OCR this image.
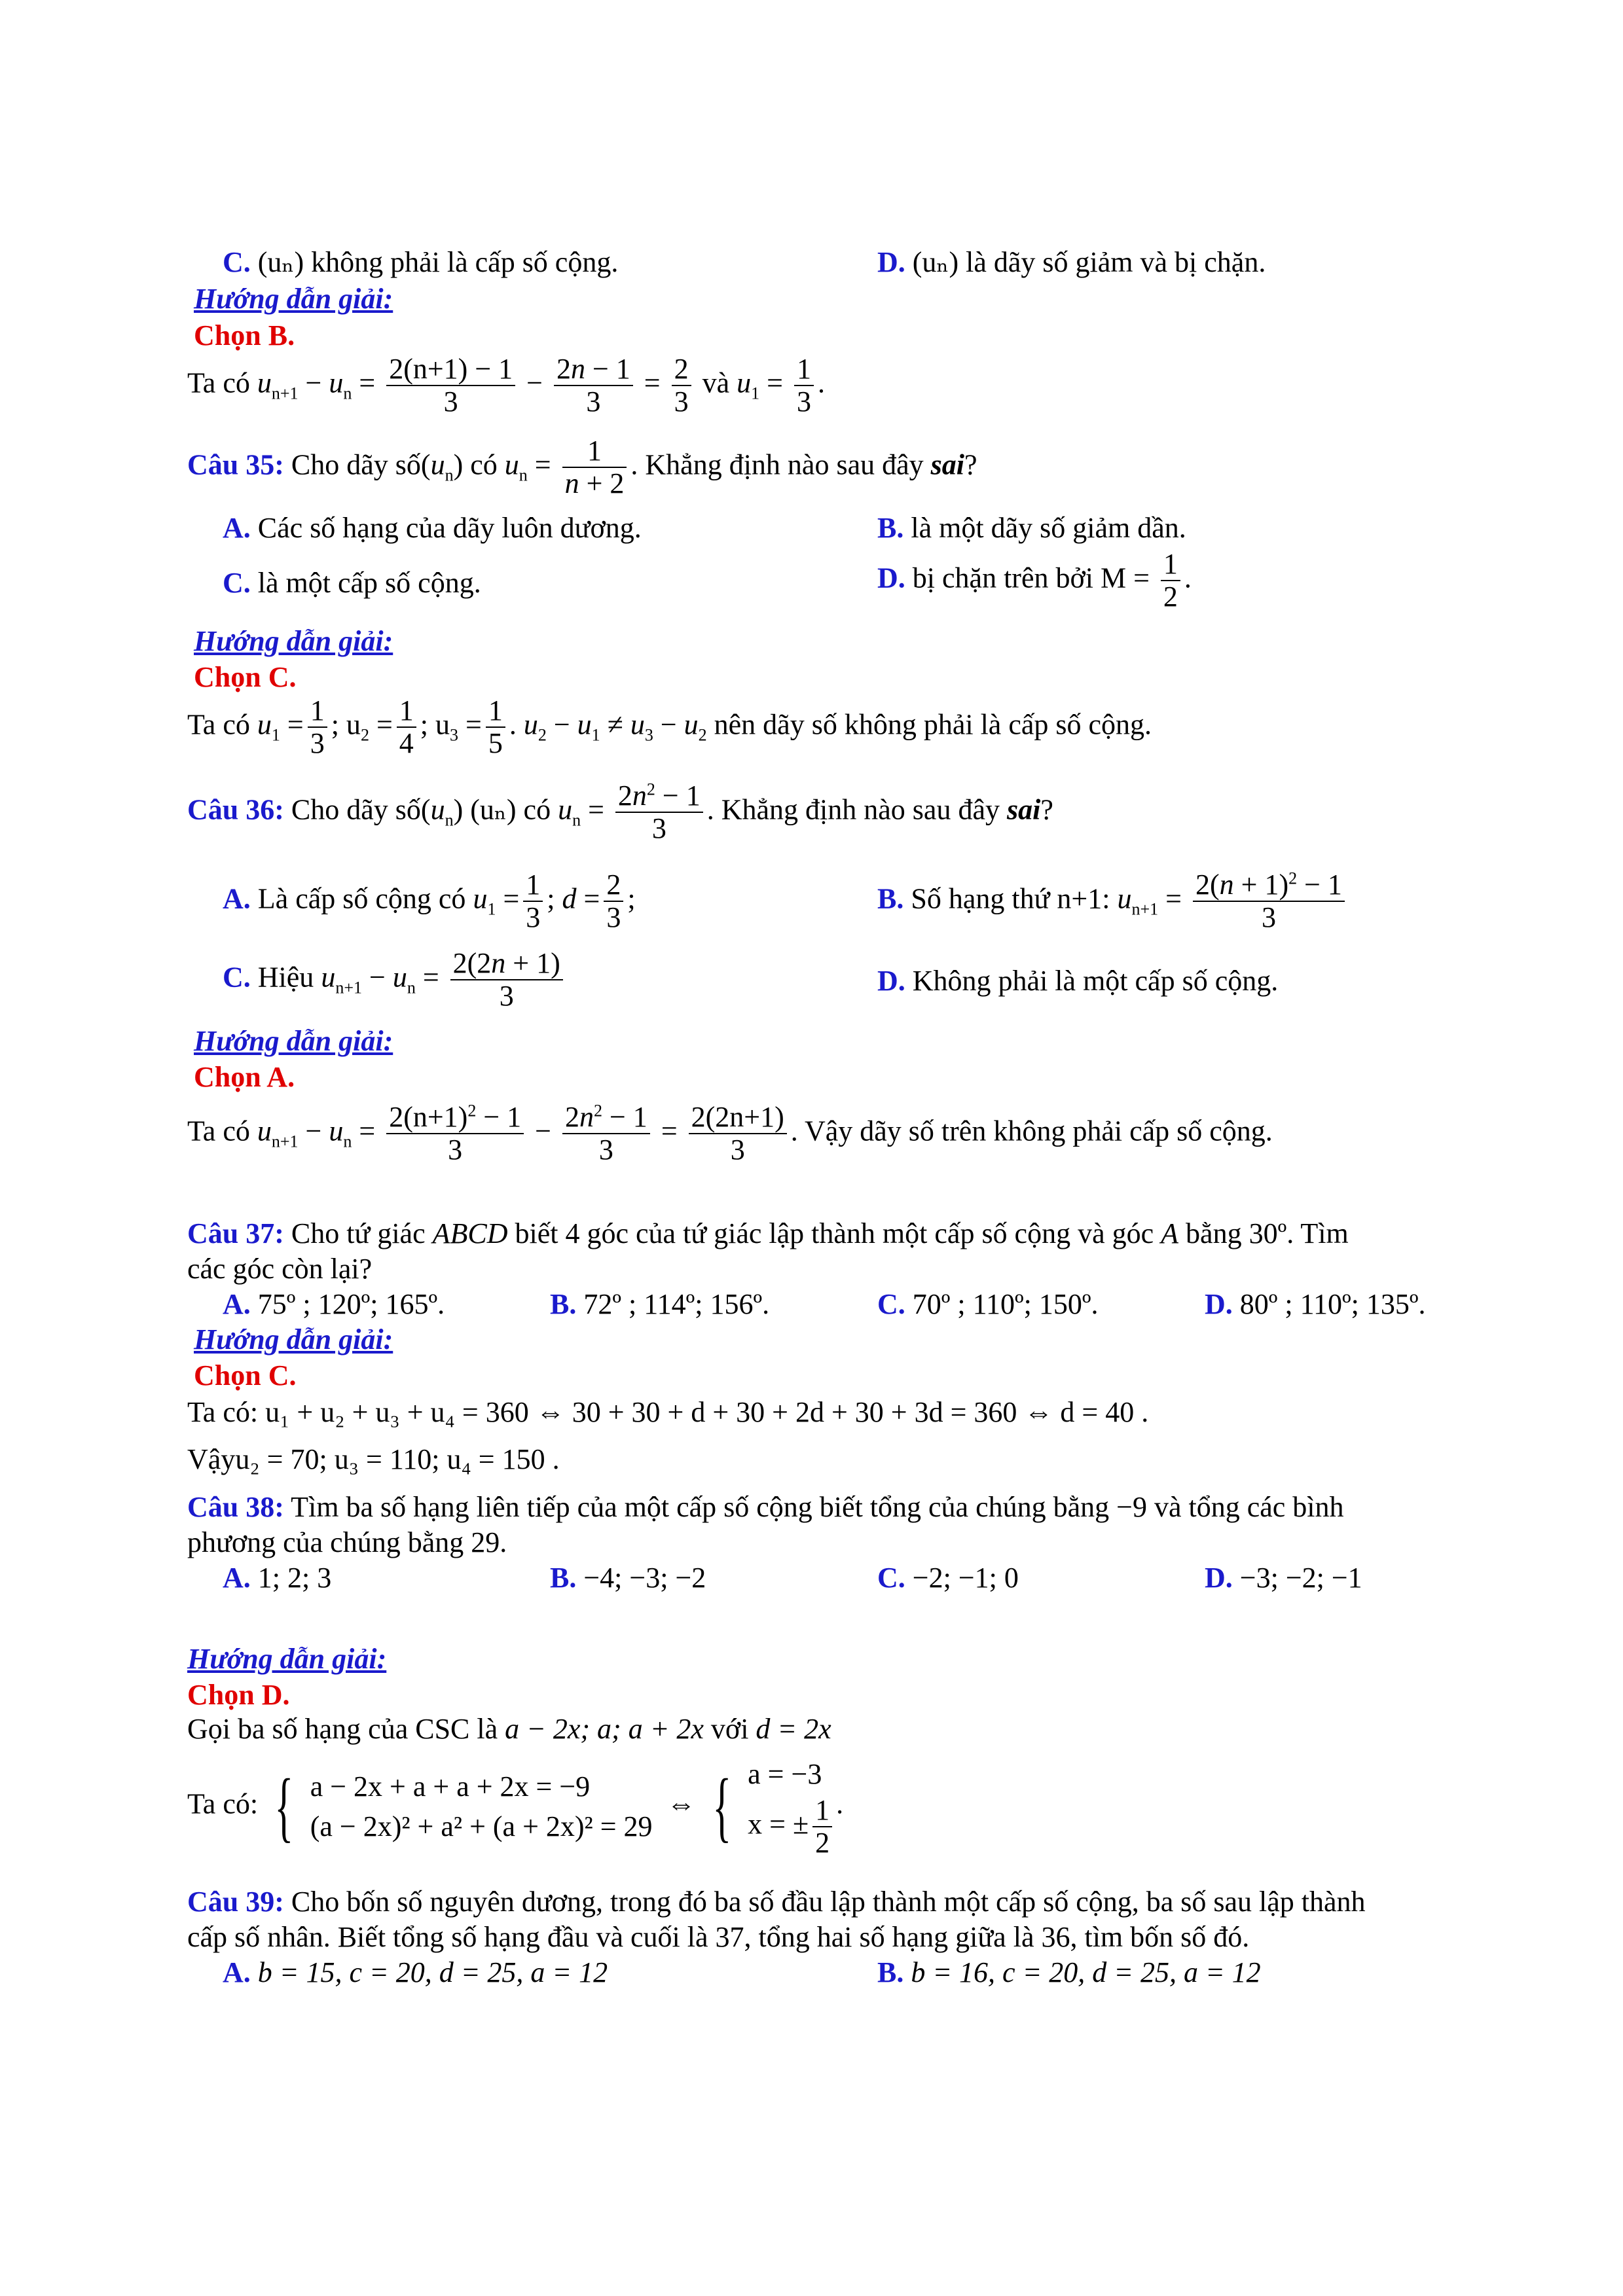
C. (uₙ) không phải là cấp số cộng.	D. (uₙ) là dãy số giảm và bị chặn.
Hướng dẫn giải:
Chọn B.
Ta có $u_{n+1} - u_n = \frac{2(n+1) - 1}{3} - \frac{2n - 1}{3} = \frac{2}{3}$ và $u_1 = \frac{1}{3}$ .
Câu 35: Cho dãy $số(u_n)$ có $u_n = \frac{1}{n + 2}$ . Khẳng định nào sau đây sai?
A. Các số hạng của dãy luôn dương.	B. là một dãy số giảm dần.
C. là một cấp số cộng.	D. bị chặn trên bởi $M = \frac{1}{2}$ .
Hướng dẫn giải:
Chọn C.
Ta có $u_1 = \frac{1}{3}$ ; $u_2 = \frac{1}{4}$ ; $u_3 = \frac{1}{5}$ . $u_2 - u_1 \ne u_3 - u_2$ nên dãy số không phải là cấp số cộng.
Câu 36: Cho dãy $số(u_n)$ (uₙ) có $u_n = \frac{2n^2 - 1}{3}$ . Khẳng định nào sau đây sai?
A. Là cấp số cộng có $u_1 = \frac{1}{3}$ ; $d = \frac{2}{3}$ ;	B. Số hạng thứ n+1: $u_{n+1} = \frac{2(n + 1)^2 - 1}{3}$
C. Hiệu $u_{n+1} - u_n = \frac{2(2n + 1)}{3}$	D. Không phải là một cấp số cộng.
Hướng dẫn giải:
Chọn A.
Ta có $u_{n+1} - u_n = \frac{2(n+1)^2 - 1}{3} - \frac{2n^2 - 1}{3} = \frac{2(2n+1)}{3}$ . Vậy dãy số trên không phải cấp số cộng.
Câu 37: Cho tứ giác ABCD biết 4 góc của tứ giác lập thành một cấp số cộng và góc A bằng 30º. Tìm
các góc còn lại?
A. 75º ; 120º; 165º.	B. 72º ; 114º; 156º.	C. 70º ; 110º; 150º.	D. 80º ; 110º; 135º.
Hướng dẫn giải:
Chọn C.
Ta có: u₁ + u₂ + u₃ + u₄ = 360 ⇔ 30 + 30 + d + 30 + 2d + 30 + 3d = 360 ⇔ d = 40 .
Vậyu₂ = 70; u₃ = 110; u₄ = 150 .
Câu 38: Tìm ba số hạng liên tiếp của một cấp số cộng biết tổng của chúng bằng −9 và tổng các bình
phương của chúng bằng 29.
A. 1; 2; 3	B. −4; −3; −2	C. −2; −1; 0	D. −3; −2; −1
Hướng dẫn giải:
Chọn D.
Gọi ba số hạng của CSC là a − 2x; a; a + 2x với d = 2x
Ta có: { a − 2x + a + a + 2x = −9
(a − 2x)² + a² + (a + 2x)² = 29
⇔ { a = −3
x = ± $\frac{1}{2}$ .
Câu 39: Cho bốn số nguyên dương, trong đó ba số đầu lập thành một cấp số cộng, ba số sau lập thành
cấp số nhân. Biết tổng số hạng đầu và cuối là 37, tổng hai số hạng giữa là 36, tìm bốn số đó.
A. b = 15, c = 20, d = 25, a = 12	B. b = 16, c = 20, d = 25, a = 12
